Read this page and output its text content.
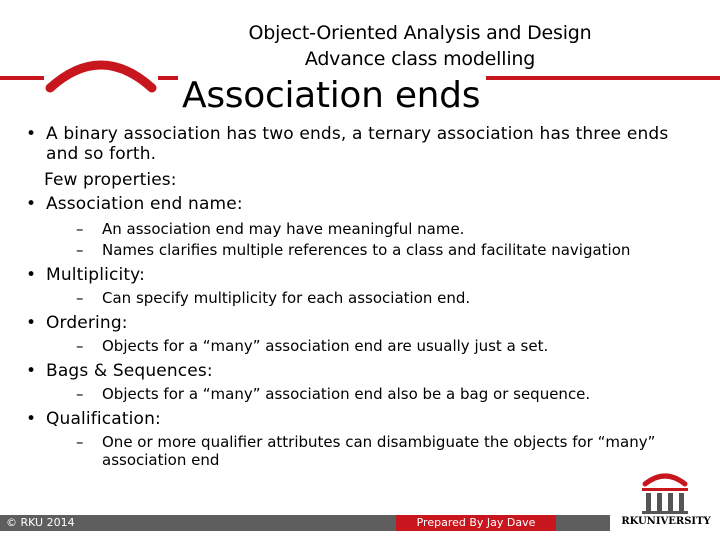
Object-Oriented Analysis and Design
Advance class modelling
Association ends
• A binary association has two ends, a ternary association has three ends
and so forth.
Few properties:
• Association end name:
– An association end may have meaningful name.
– Names clarifies multiple references to a class and facilitate navigation
• Multiplicity:
– Can specify multiplicity for each association end.
• Ordering:
– Objects for a “many” association end are usually just a set.
• Bags & Sequences:
– Objects for a “many” association end also be a bag or sequence.
• Qualification:
– One or more qualifier attributes can disambiguate the objects for “many”
association end
© RKU 2014	Prepared By Jay Dave	RKUNIVERSITY
